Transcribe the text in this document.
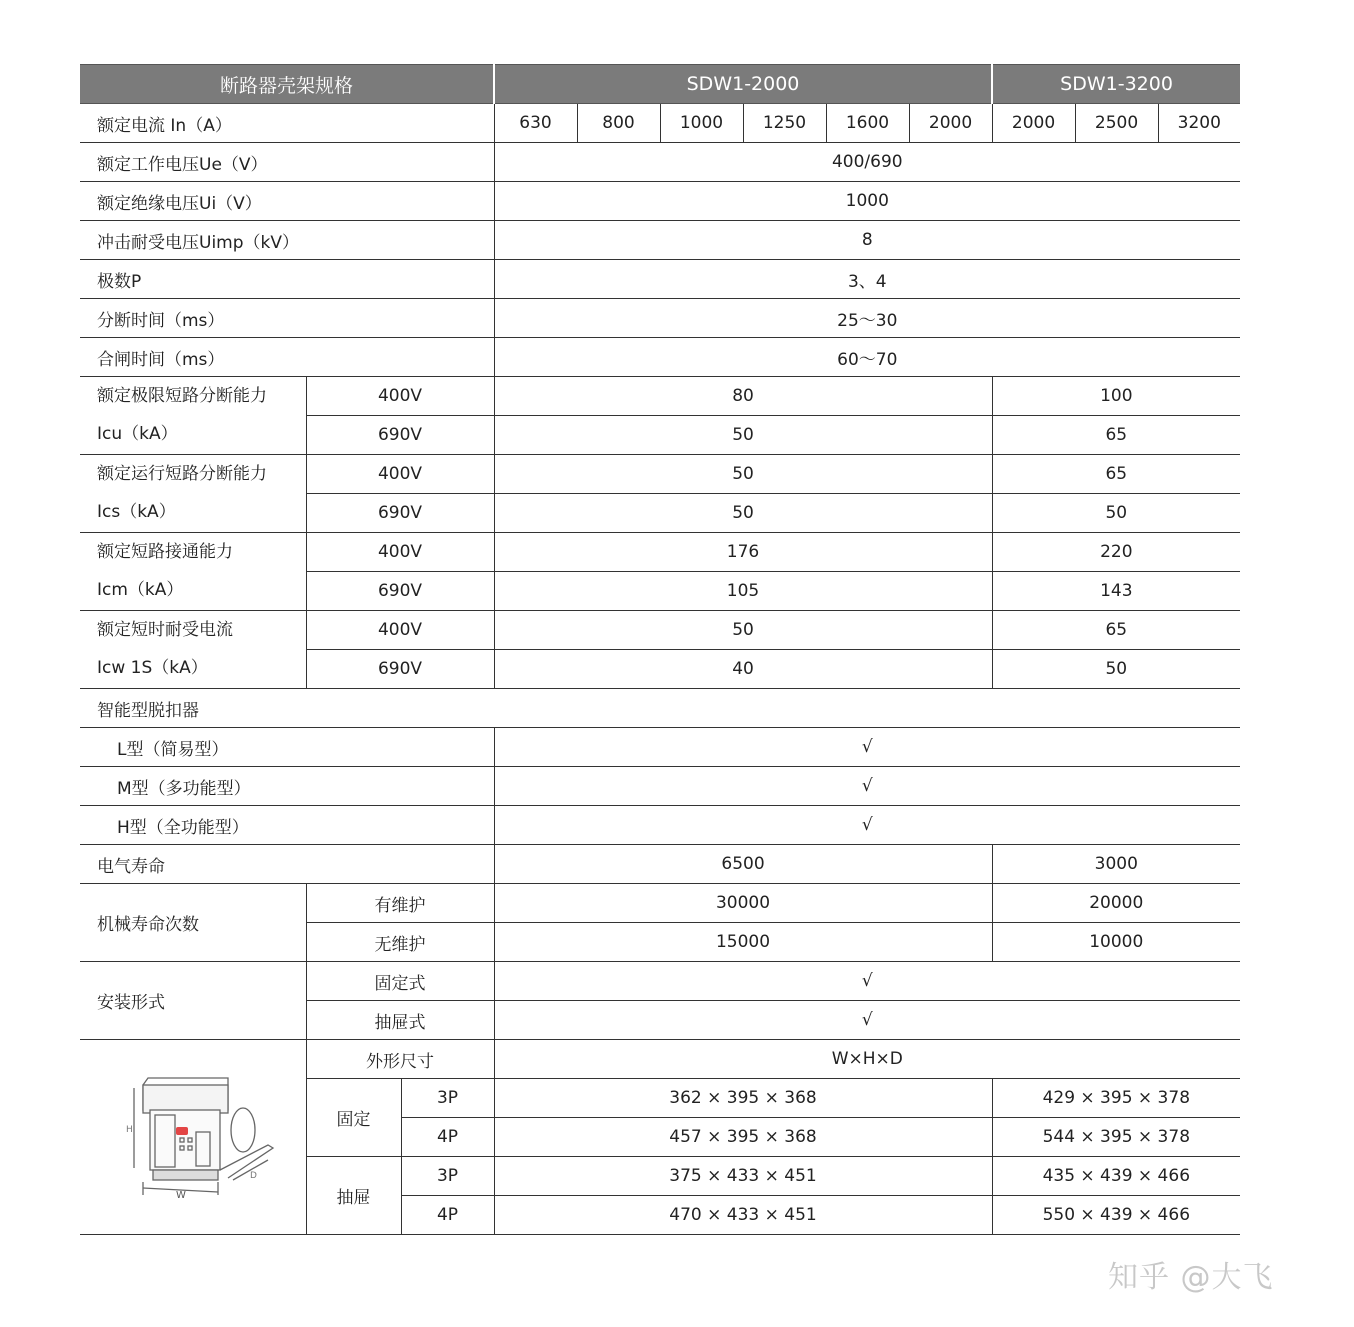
断路器壳架规格			SDW1-2000						SDW1-3200		
额定电流 In（A）			630	800	1000	1250	1600	2000	2000	2500	3200
额定工作电压Ue（V）			400/690								
额定绝缘电压Ui（V）			1000								
冲击耐受电压Uimp（kV）			8								
极数P			3、4								
分断时间（ms）			25～30								
合闸时间（ms）			60～70								

额定极限短路分断能力
Icu（kA）	400V		80						100		
	690V		50						65		

额定运行短路分断能力
Ics（kA）	400V		50						65		
	690V		50						50		

额定短路接通能力
Icm（kA）	400V		176						220		
	690V		105						143		

额定短时耐受电流
Icw 1S（kA）	400V		50						65		
	690V		40						50		
智能型脱扣器											
L型（简易型）			√								
M型（多功能型）			√								
H型（全功能型）			√								
电气寿命			6500						3000		
机械寿命次数	有维护		30000						20000		
	无维护		15000						10000		
安装形式	固定式		√								
	抽屉式		√								

H
W
D	外形尺寸		W×H×D								
	固定	3P	362 × 395 × 368						429 × 395 × 378		
		4P	457 × 395 × 368						544 × 395 × 378		
	抽屉	3P	375 × 433 × 451						435 × 439 × 466		
		4P	470 × 433 × 451						550 × 439 × 466		
知乎 @大飞
